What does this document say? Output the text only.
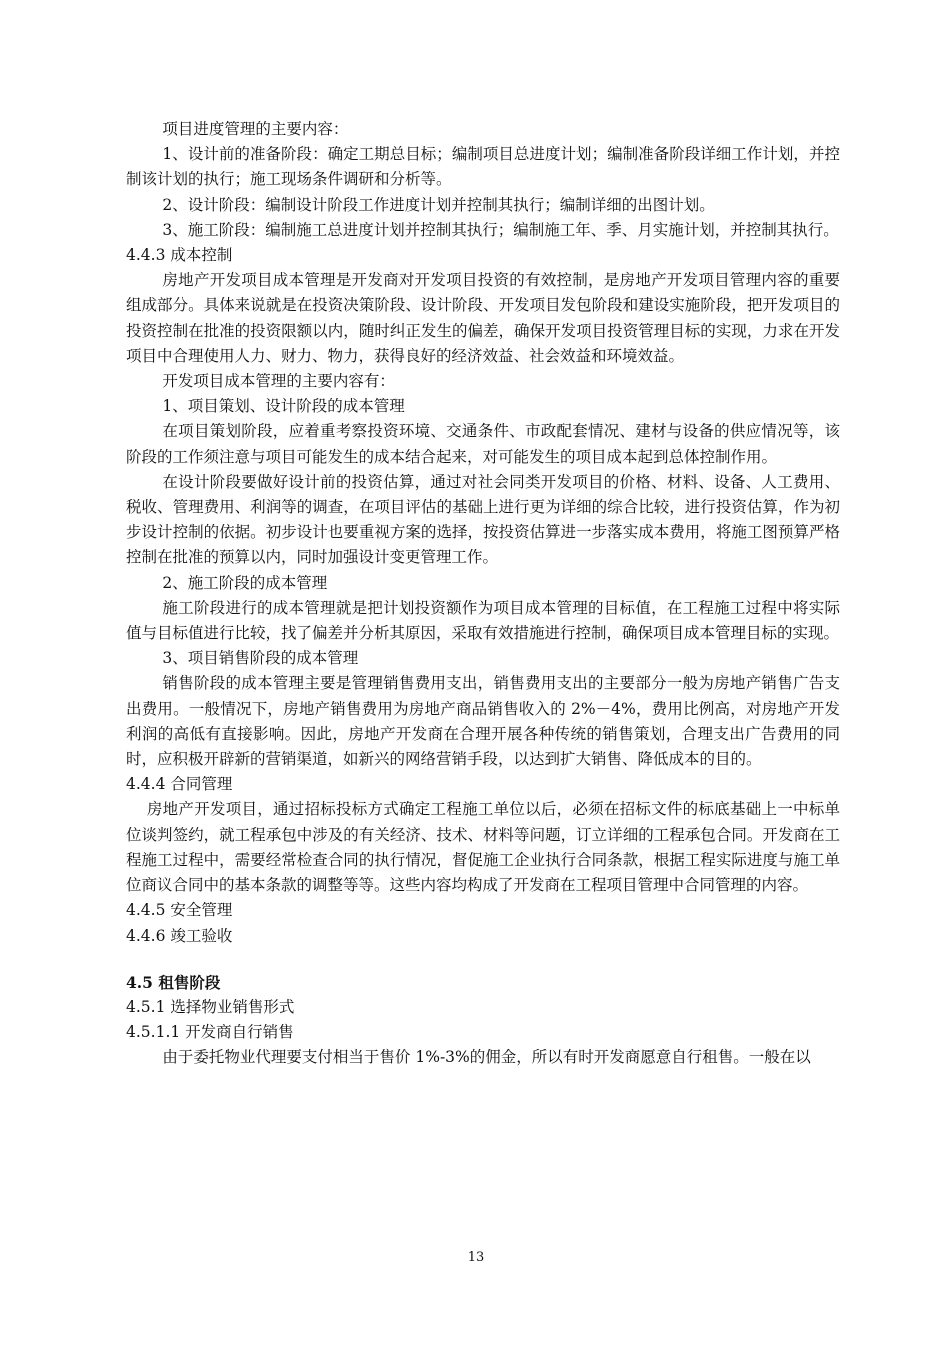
项目进度管理的主要内容：

1、设计前的准备阶段：确定工期总目标；编制项目总进度计划；编制准备阶段详细工作计划，并控制该计划的执行；施工现场条件调研和分析等。

2、设计阶段：编制设计阶段工作进度计划并控制其执行；编制详细的出图计划。

3、施工阶段：编制施工总进度计划并控制其执行；编制施工年、季、月实施计划，并控制其执行。

4.4.3 成本控制

房地产开发项目成本管理是开发商对开发项目投资的有效控制，是房地产开发项目管理内容的重要组成部分。具体来说就是在投资决策阶段、设计阶段、开发项目发包阶段和建设实施阶段，把开发项目的投资控制在批准的投资限额以内，随时纠正发生的偏差，确保开发项目投资管理目标的实现，力求在开发项目中合理使用人力、财力、物力，获得良好的经济效益、社会效益和环境效益。

开发项目成本管理的主要内容有：

1、项目策划、设计阶段的成本管理

在项目策划阶段，应着重考察投资环境、交通条件、市政配套情况、建材与设备的供应情况等，该阶段的工作须注意与项目可能发生的成本结合起来，对可能发生的项目成本起到总体控制作用。

在设计阶段要做好设计前的投资估算，通过对社会同类开发项目的价格、材料、设备、人工费用、税收、管理费用、利润等的调查，在项目评估的基础上进行更为详细的综合比较，进行投资估算，作为初步设计控制的依据。初步设计也要重视方案的选择，按投资估算进一步落实成本费用，将施工图预算严格控制在批准的预算以内，同时加强设计变更管理工作。

2、施工阶段的成本管理

施工阶段进行的成本管理就是把计划投资额作为项目成本管理的目标值，在工程施工过程中将实际值与目标值进行比较，找了偏差并分析其原因，采取有效措施进行控制，确保项目成本管理目标的实现。

3、项目销售阶段的成本管理

销售阶段的成本管理主要是管理销售费用支出，销售费用支出的主要部分一般为房地产销售广告支出费用。一般情况下，房地产销售费用为房地产商品销售收入的 2%－4%，费用比例高，对房地产开发利润的高低有直接影响。因此，房地产开发商在合理开展各种传统的销售策划，合理支出广告费用的同时，应积极开辟新的营销渠道，如新兴的网络营销手段，以达到扩大销售、降低成本的目的。

4.4.4 合同管理

房地产开发项目，通过招标投标方式确定工程施工单位以后，必须在招标文件的标底基础上一中标单位谈判签约，就工程承包中涉及的有关经济、技术、材料等问题，订立详细的工程承包合同。开发商在工程施工过程中，需要经常检查合同的执行情况，督促施工企业执行合同条款，根据工程实际进度与施工单位商议合同中的基本条款的调整等等。这些内容均构成了开发商在工程项目管理中合同管理的内容。

4.4.5 安全管理

4.4.6 竣工验收

4.5 租售阶段

4.5.1 选择物业销售形式

4.5.1.1 开发商自行销售

由于委托物业代理要支付相当于售价 1%-3%的佣金，所以有时开发商愿意自行租售。一般在以

13
